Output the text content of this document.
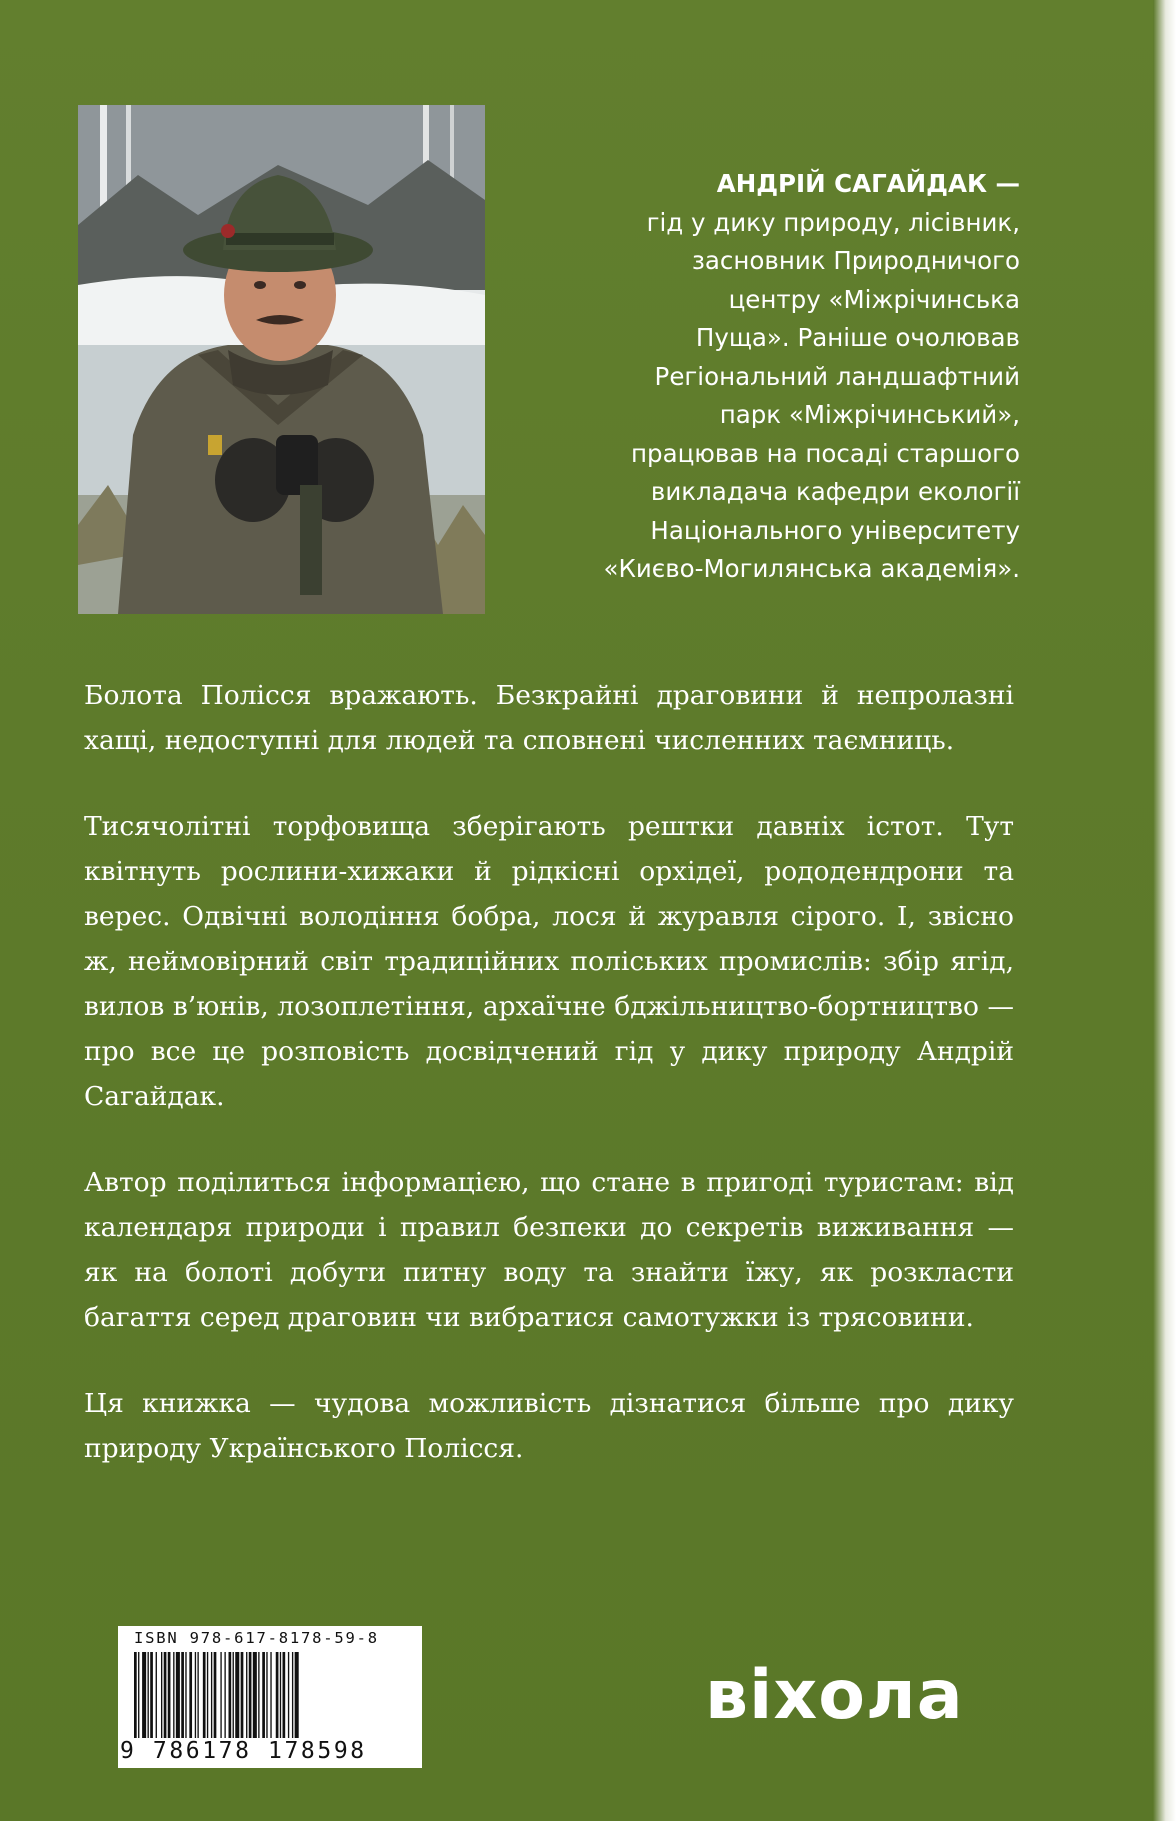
АНДРІЙ САГАЙДАК —
гід у дику природу, лісівник,
засновник Природничого
центру «Міжрічинська
Пуща». Раніше очолював
Регіональний ландшафтний
парк «Міжрічинський»,
працював на посаді старшого
викладача кафедри екології
Національного університету
«Києво-Могилянська академія».

Болота Полісся вражають. Безкрайні драговини й непролазні хащі, недоступні для людей та сповнені численних таємниць.

Тисячолітні торфовища зберігають рештки давніх істот. Тут квітнуть рослини-хижаки й рідкісні орхідеї, рододендрони та верес. Одвічні володіння бобра, лося й журавля сірого. І, звісно ж, неймовірний світ традиційних поліських промислів: збір ягід, вилов в’юнів, лозоплетіння, архаїчне бджільництво-бортництво — про все це розповість досвідчений гід у дику природу Андрій Сагайдак.

Автор поділиться інформацією, що стане в пригоді туристам: від календаря природи і правил безпеки до секретів виживання — як на болоті добути питну воду та знайти їжу, як розкласти багаття серед драговин чи вибратися самотужки із трясовини.

Ця книжка — чудова можливість дізнатися більше про дику природу Українського Полісся.

ISBN 978-617-8178-59-8
9 786178 178598
віхола
